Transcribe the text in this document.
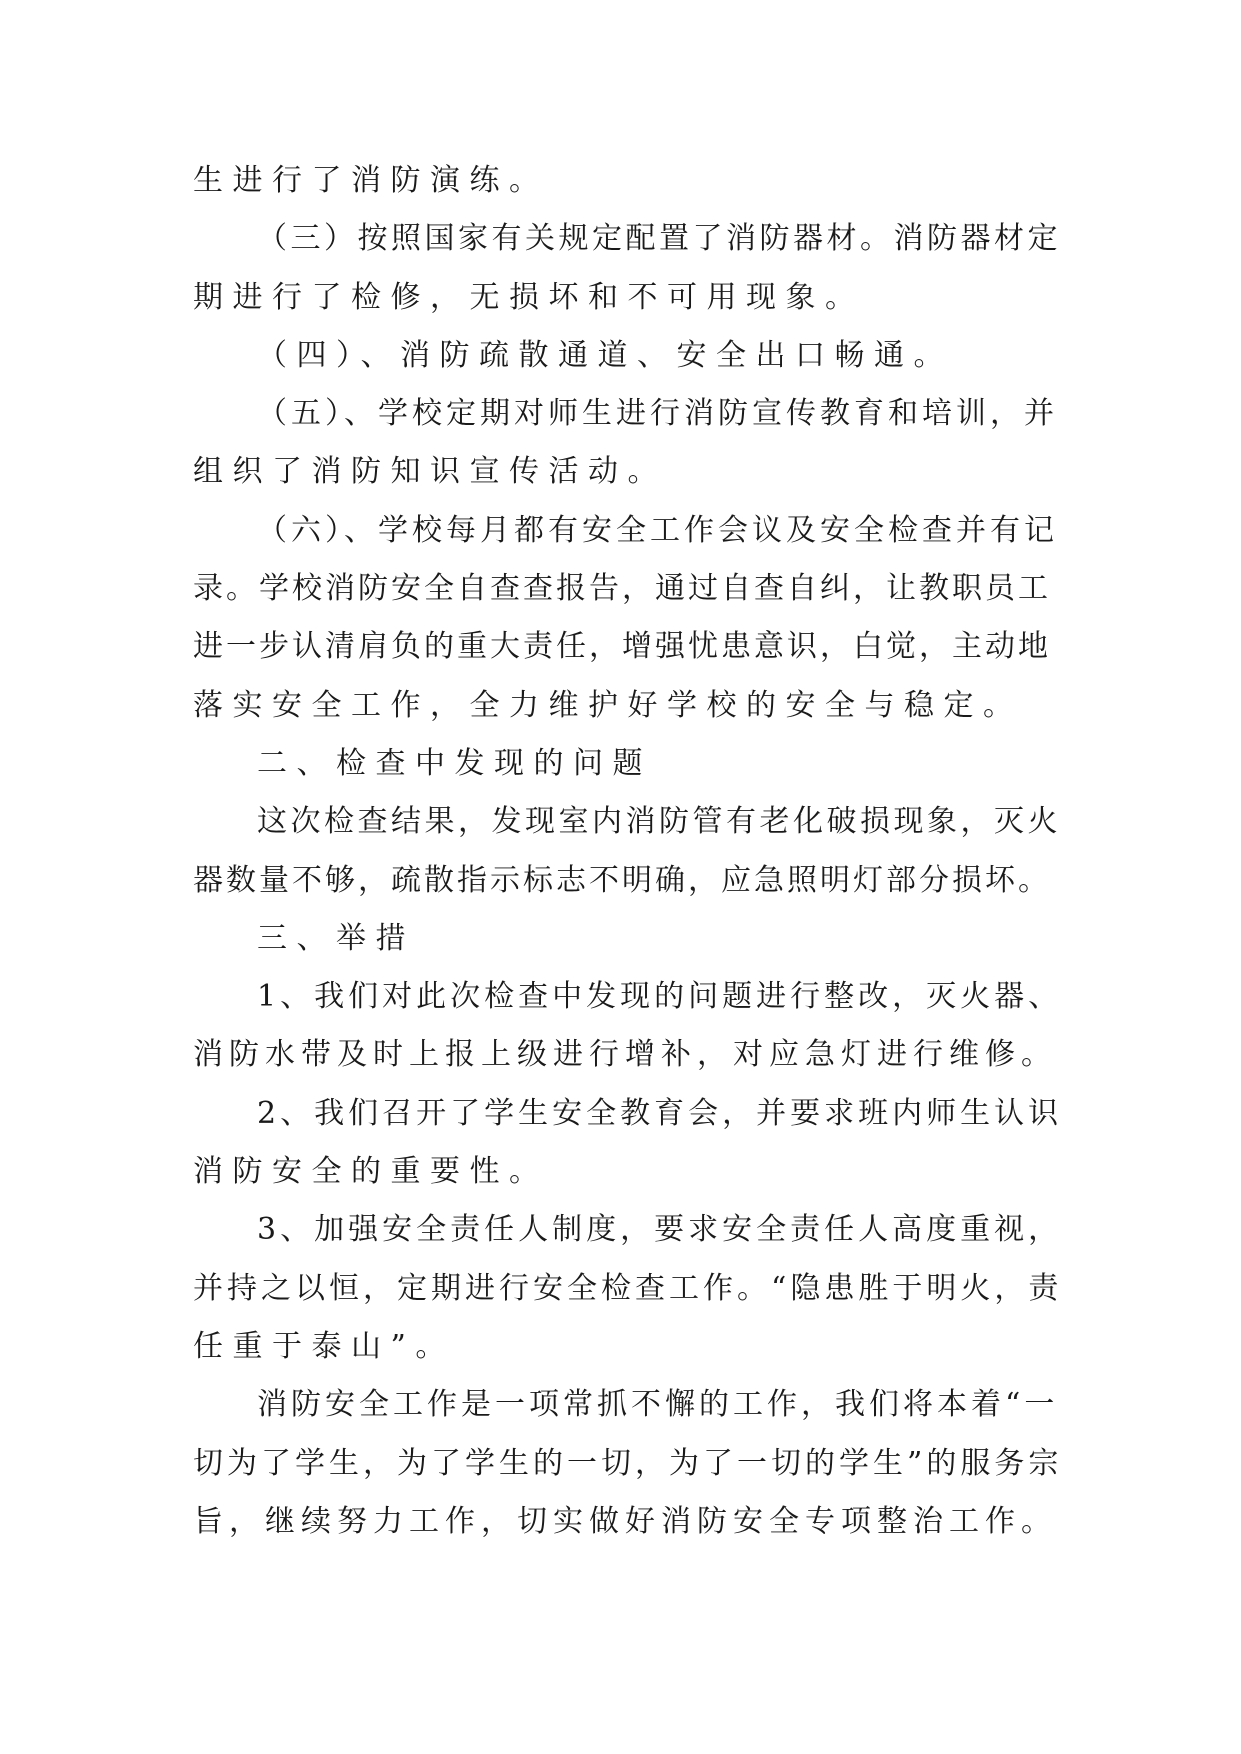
生进行了消防演练。
（三）按照国家有关规定配置了消防器材。消防器材定
期进行了检修，无损坏和不可用现象。
（四）、消防疏散通道、安全出口畅通。
（五）、学校定期对师生进行消防宣传教育和培训，并
组织了消防知识宣传活动。
（六）、学校每月都有安全工作会议及安全检查并有记
录。学校消防安全自查查报告，通过自查自纠，让教职员工
进一步认清肩负的重大责任，增强忧患意识，白觉，主动地
落实安全工作，全力维护好学校的安全与稳定。
二、检查中发现的问题
这次检查结果，发现室内消防管有老化破损现象，灭火
器数量不够，疏散指示标志不明确，应急照明灯部分损坏。
三、举措
1、我们对此次检查中发现的问题进行整改，灭火器、
消防水带及时上报上级进行增补，对应急灯进行维修。
2、我们召开了学生安全教育会，并要求班内师生认识
消防安全的重要性。
3、加强安全责任人制度，要求安全责任人高度重视，
并持之以恒，定期进行安全检查工作。“隐患胜于明火，责
任重于泰山”。
消防安全工作是一项常抓不懈的工作，我们将本着“一
切为了学生，为了学生的一切，为了一切的学生”的服务宗
旨，继续努力工作，切实做好消防安全专项整治工作。
